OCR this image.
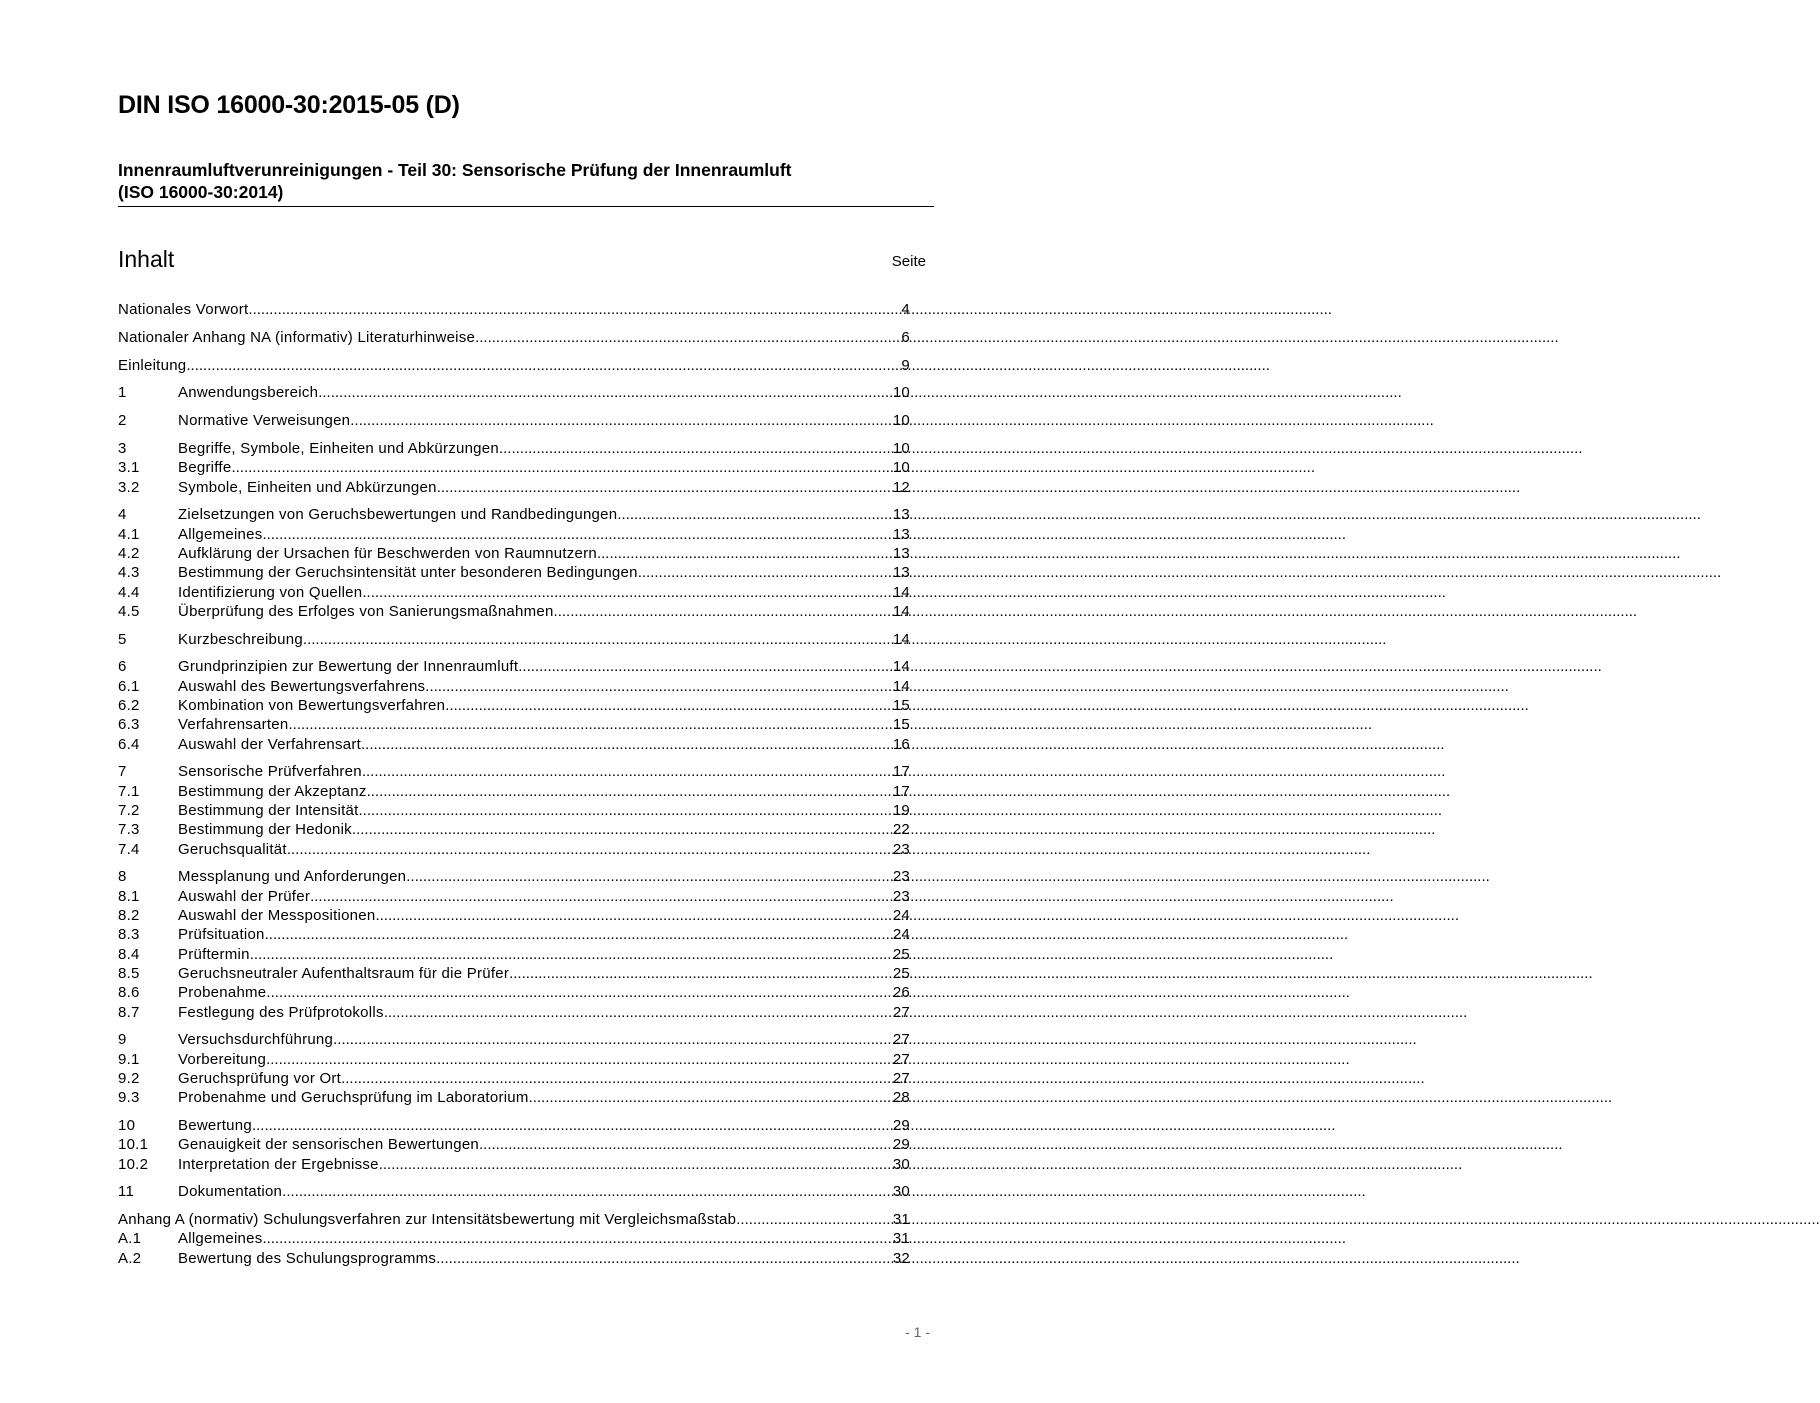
DIN ISO 16000-30:2015-05 (D)
Innenraumluftverunreinigungen - Teil 30: Sensorische Prüfung der Innenraumluft
(ISO 16000-30:2014)
Inhalt	Seite
Nationales Vorwort .....	4
Nationaler Anhang NA (informativ) Literaturhinweise .....	6
Einleitung .....	9
1	Anwendungsbereich .....	10
2	Normative Verweisungen .....	10
3	Begriffe, Symbole, Einheiten und Abkürzungen .....	10
3.1	Begriffe .....	10
3.2	Symbole, Einheiten und Abkürzungen .....	12
4	Zielsetzungen von Geruchsbewertungen und Randbedingungen .....	13
4.1	Allgemeines .....	13
4.2	Aufklärung der Ursachen für Beschwerden von Raumnutzern .....	13
4.3	Bestimmung der Geruchsintensität unter besonderen Bedingungen .....	13
4.4	Identifizierung von Quellen .....	14
4.5	Überprüfung des Erfolges von Sanierungsmaßnahmen .....	14
5	Kurzbeschreibung .....	14
6	Grundprinzipien zur Bewertung der Innenraumluft .....	14
6.1	Auswahl des Bewertungsverfahrens .....	14
6.2	Kombination von Bewertungsverfahren .....	15
6.3	Verfahrensarten .....	15
6.4	Auswahl der Verfahrensart .....	16
7	Sensorische Prüfverfahren .....	17
7.1	Bestimmung der Akzeptanz .....	17
7.2	Bestimmung der Intensität .....	19
7.3	Bestimmung der Hedonik .....	22
7.4	Geruchsqualität .....	23
8	Messplanung und Anforderungen .....	23
8.1	Auswahl der Prüfer .....	23
8.2	Auswahl der Messpositionen .....	24
8.3	Prüfsituation .....	24
8.4	Prüftermin .....	25
8.5	Geruchsneutraler Aufenthaltsraum für die Prüfer .....	25
8.6	Probenahme .....	26
8.7	Festlegung des Prüfprotokolls .....	27
9	Versuchsdurchführung .....	27
9.1	Vorbereitung .....	27
9.2	Geruchsprüfung vor Ort .....	27
9.3	Probenahme und Geruchsprüfung im Laboratorium .....	28
10	Bewertung .....	29
10.1	Genauigkeit der sensorischen Bewertungen .....	29
10.2	Interpretation der Ergebnisse .....	30
11	Dokumentation .....	30
Anhang A (normativ) Schulungsverfahren zur Intensitätsbewertung mit Vergleichsmaßstab .....	31
A.1	Allgemeines .....	31
A.2	Bewertung des Schulungsprogramms .....	32
- 1 -
